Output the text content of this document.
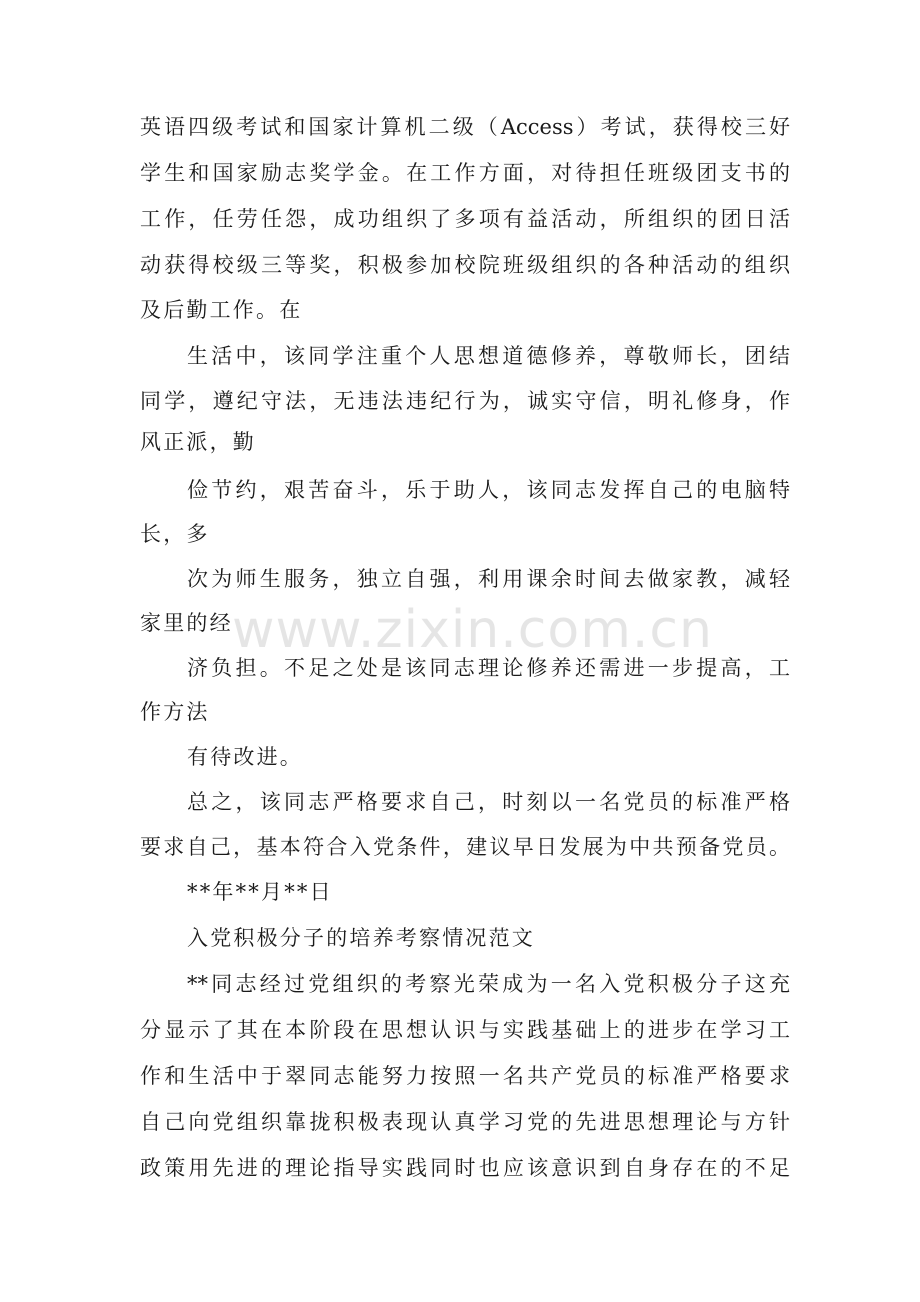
英语四级考试和国家计算机二级（Access）考试，获得校三好
学生和国家励志奖学金。在工作方面，对待担任班级团支书的
工作，任劳任怨，成功组织了多项有益活动，所组织的团日活
动获得校级三等奖，积极参加校院班级组织的各种活动的组织
及后勤工作。在
生活中，该同学注重个人思想道德修养，尊敬师长，团结
同学，遵纪守法，无违法违纪行为，诚实守信，明礼修身，作
风正派，勤
俭节约，艰苦奋斗，乐于助人，该同志发挥自己的电脑特
长，多
次为师生服务，独立自强，利用课余时间去做家教，减轻
家里的经
济负担。不足之处是该同志理论修养还需进一步提高，工
作方法
有待改进。
总之，该同志严格要求自己，时刻以一名党员的标准严格
要求自己，基本符合入党条件，建议早日发展为中共预备党员。
**年**月**日
入党积极分子的培养考察情况范文
**同志经过党组织的考察光荣成为一名入党积极分子这充
分显示了其在本阶段在思想认识与实践基础上的进步在学习工
作和生活中于翠同志能努力按照一名共产党员的标准严格要求
自己向党组织靠拢积极表现认真学习党的先进思想理论与方针
政策用先进的理论指导实践同时也应该意识到自身存在的不足
www.zixin.com.cn
